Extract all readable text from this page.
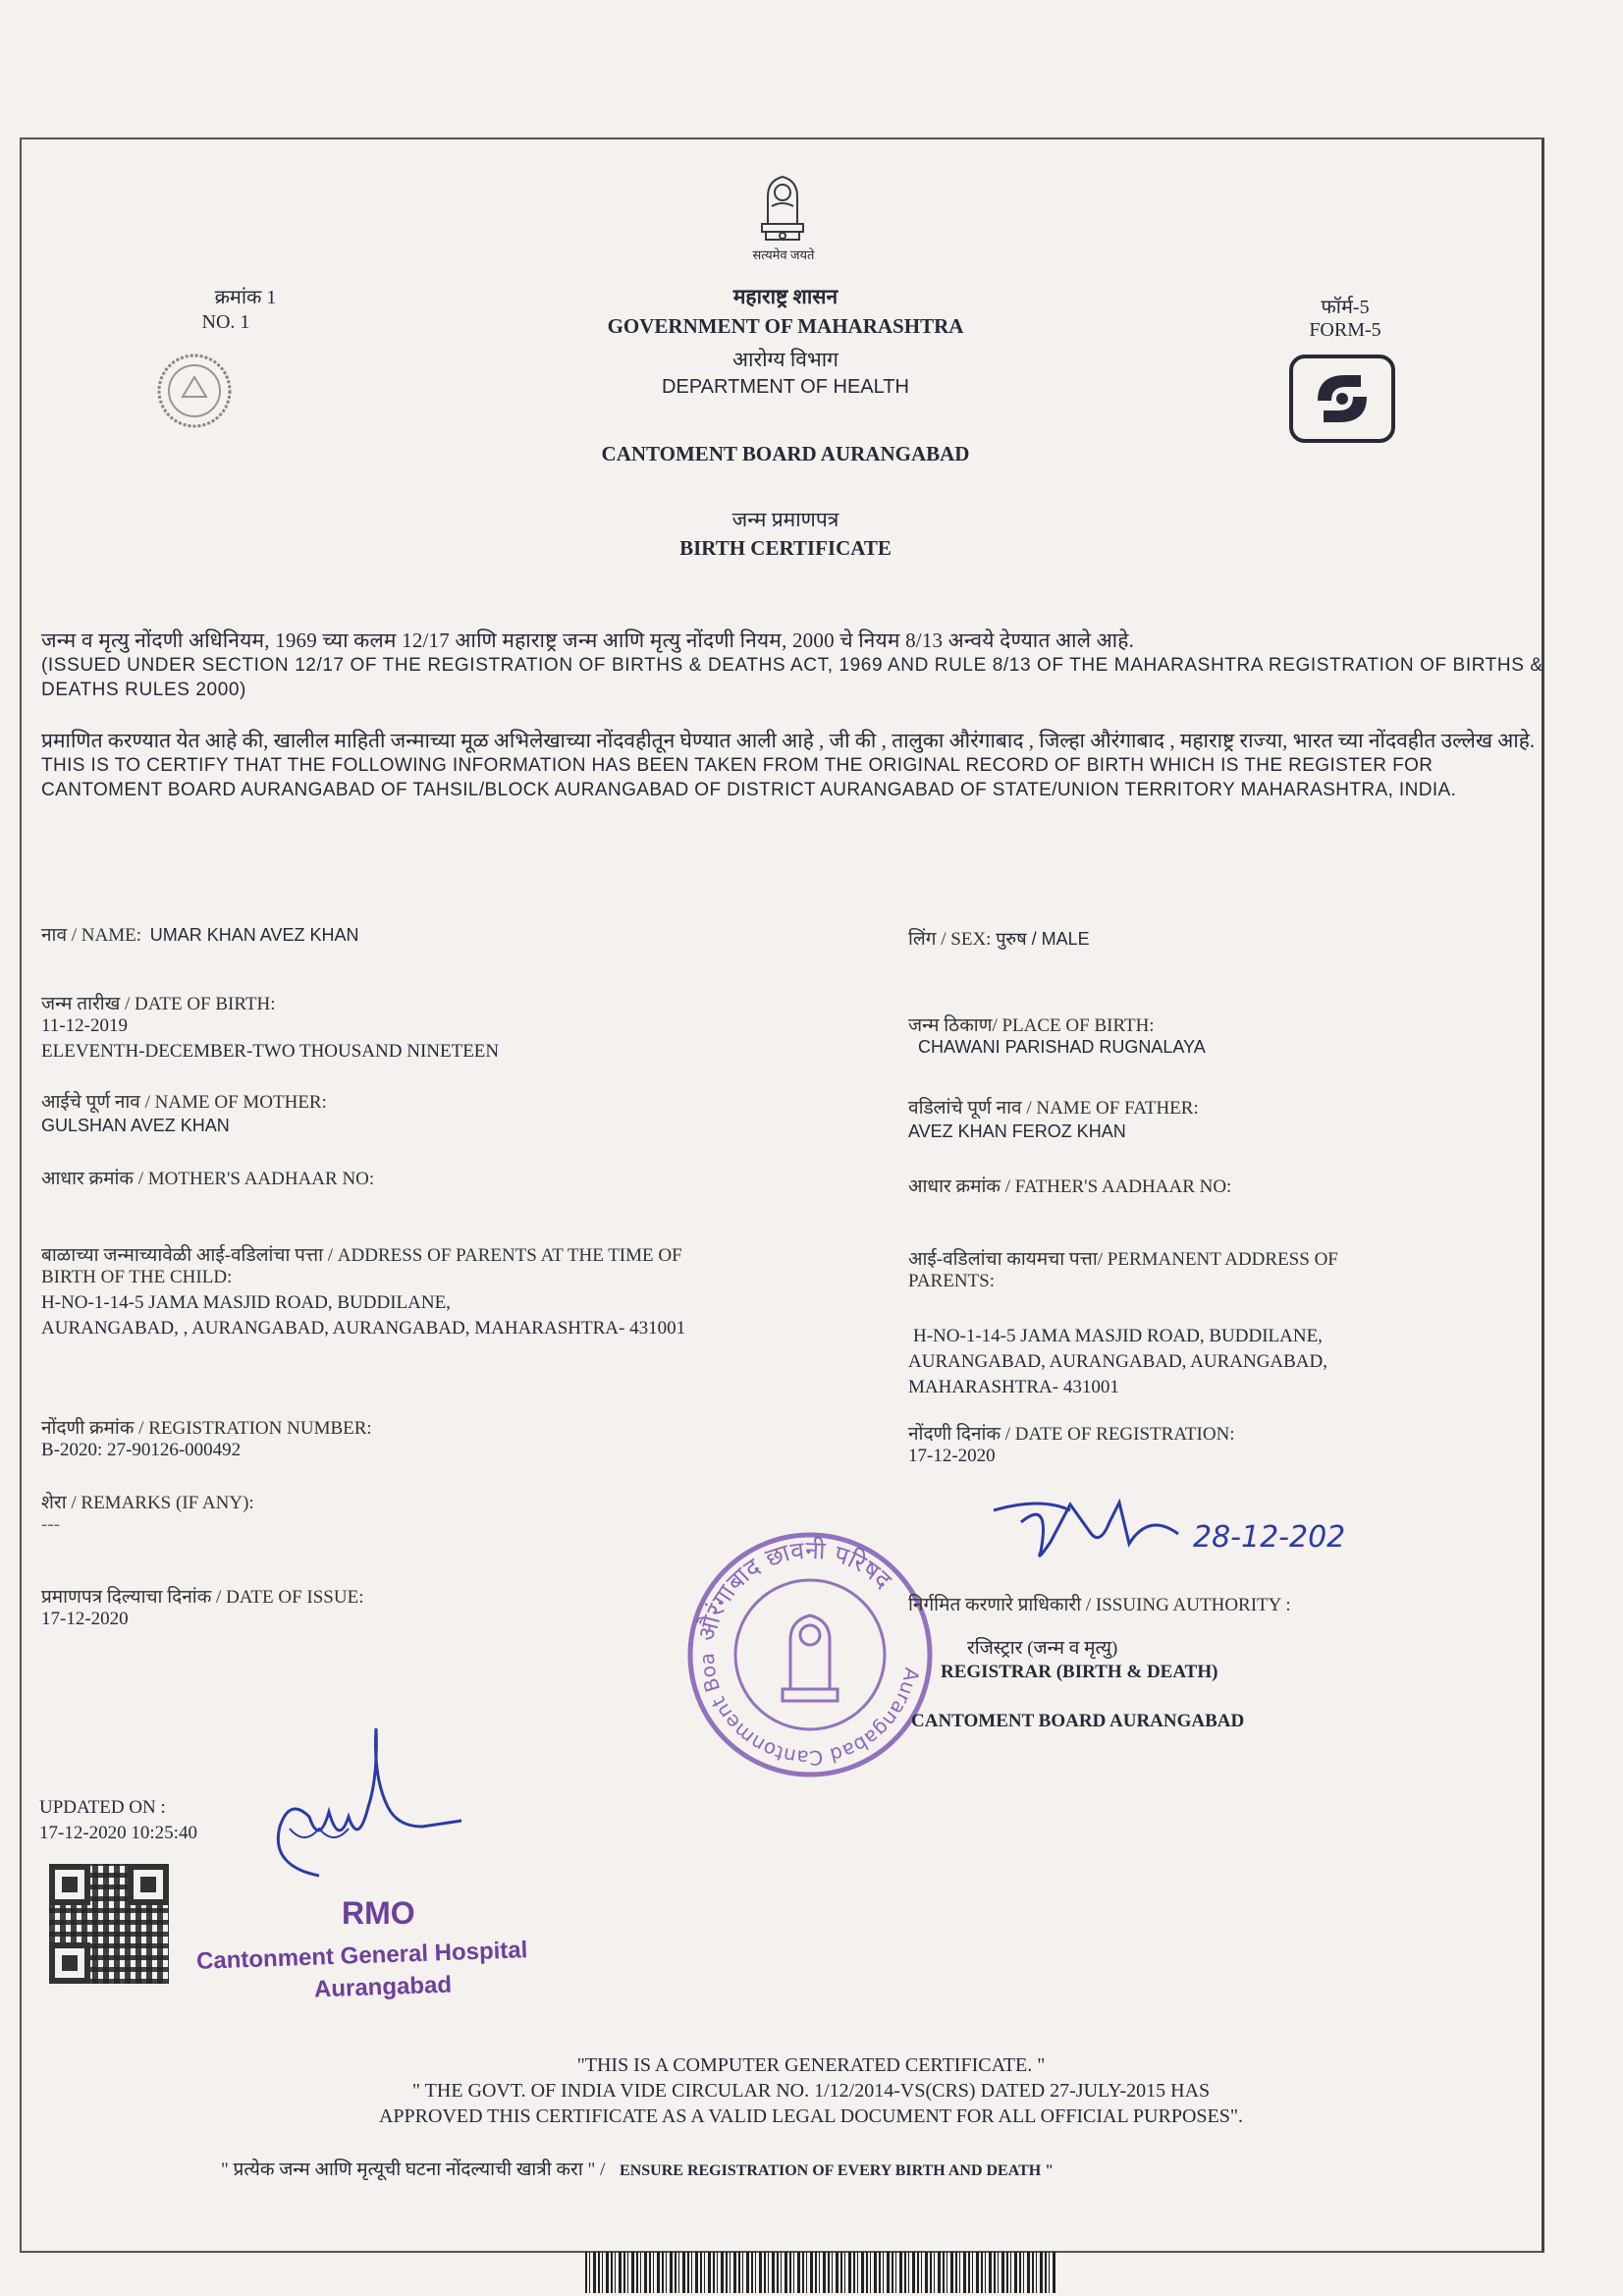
सत्यमेव जयते
क्रमांक 1
NO. 1
महाराष्ट्र शासन
GOVERNMENT OF MAHARASHTRA
आरोग्य विभाग
DEPARTMENT OF HEALTH
फॉर्म-5
FORM-5
CANTOMENT BOARD AURANGABAD
जन्म प्रमाणपत्र
BIRTH CERTIFICATE
जन्म व मृत्यु नोंदणी अधिनियम, 1969 च्या कलम 12/17 आणि महाराष्ट्र जन्म आणि मृत्यु नोंदणी नियम, 2000 चे नियम 8/13 अन्वये देण्यात आले आहे.
(ISSUED UNDER SECTION 12/17 OF THE REGISTRATION OF BIRTHS & DEATHS ACT, 1969 AND RULE 8/13 OF THE MAHARASHTRA REGISTRATION OF BIRTHS & DEATHS RULES 2000)
प्रमाणित करण्यात येत आहे की, खालील माहिती जन्माच्या मूळ अभिलेखाच्या नोंदवहीतून घेण्यात आली आहे , जी की , तालुका औरंगाबाद , जिल्हा औरंगाबाद , महाराष्ट्र राज्या, भारत च्या नोंदवहीत उल्लेख आहे.
THIS IS TO CERTIFY THAT THE FOLLOWING INFORMATION HAS BEEN TAKEN FROM THE ORIGINAL RECORD OF BIRTH WHICH IS THE REGISTER FOR CANTOMENT BOARD AURANGABAD OF TAHSIL/BLOCK AURANGABAD OF DISTRICT AURANGABAD OF STATE/UNION TERRITORY MAHARASHTRA, INDIA.
नाव / NAME: UMAR KHAN AVEZ KHAN	लिंग / SEX: पुरुष / MALE
जन्म तारीख / DATE OF BIRTH:
11-12-2019
ELEVENTH-DECEMBER-TWO THOUSAND NINETEEN
जन्म ठिकाण/ PLACE OF BIRTH:
CHAWANI PARISHAD RUGNALAYA
आईचे पूर्ण नाव / NAME OF MOTHER:
GULSHAN AVEZ KHAN
वडिलांचे पूर्ण नाव / NAME OF FATHER:
AVEZ KHAN FEROZ KHAN
आधार क्रमांक / MOTHER'S AADHAAR NO:	आधार क्रमांक / FATHER'S AADHAAR NO:
बाळाच्या जन्माच्यावेळी आई-वडिलांचा पत्ता / ADDRESS OF PARENTS AT THE TIME OF
BIRTH OF THE CHILD:
H-NO-1-14-5 JAMA MASJID ROAD, BUDDILANE,
AURANGABAD, , AURANGABAD, AURANGABAD, MAHARASHTRA- 431001
आई-वडिलांचा कायमचा पत्ता/ PERMANENT ADDRESS OF
PARENTS:
H-NO-1-14-5 JAMA MASJID ROAD, BUDDILANE,
AURANGABAD, AURANGABAD, AURANGABAD,
MAHARASHTRA- 431001
नोंदणी क्रमांक / REGISTRATION NUMBER:
B-2020: 27-90126-000492
नोंदणी दिनांक / DATE OF REGISTRATION:
17-12-2020
शेरा / REMARKS (IF ANY):
---
प्रमाणपत्र दिल्याचा दिनांक / DATE OF ISSUE:
17-12-2020	औरंगाबाद छावनी परिषद
Aurangabad Cantonment Boa
28-12-202
निर्गमित करणारे प्राधिकारी / ISSUING AUTHORITY :
रजिस्ट्रार (जन्म व मृत्यु)
REGISTRAR (BIRTH & DEATH)
CANTOMENT BOARD AURANGABAD
UPDATED ON :
17-12-2020 10:25:40
RMO
Cantonment General Hospital
Aurangabad
"THIS IS A COMPUTER GENERATED CERTIFICATE. "
" THE GOVT. OF INDIA VIDE CIRCULAR NO. 1/12/2014-VS(CRS) DATED 27-JULY-2015 HAS
APPROVED THIS CERTIFICATE AS A VALID LEGAL DOCUMENT FOR ALL OFFICIAL PURPOSES".
" प्रत्येक जन्म आणि मृत्यूची घटना नोंदल्याची खात्री करा " / ENSURE REGISTRATION OF EVERY BIRTH AND DEATH "
